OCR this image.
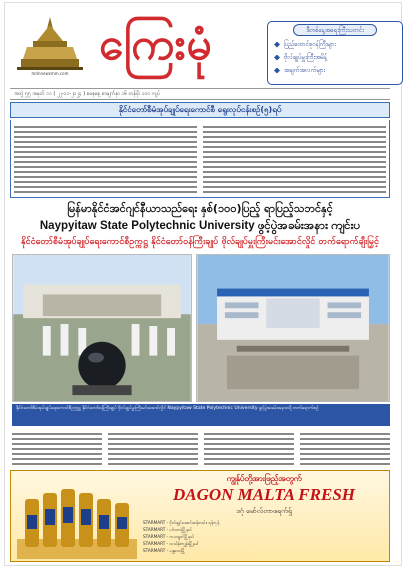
mdnnewsmm.com
ကြေးမုံ	ဒီတစ်နေ့အရေးကြီးသတင်း
ပြည်ထောင်စုဝန်ကြီးများ
ဗိုလ်ချုပ်မှူးကြီးအမိန့်
အချက်အလက်များ
အတွဲ ၅၅ အမှတ် ၁၁ ( ၂၂-၁၁-၂၀၂၄ ) စနေနေ့ စာမျက်နှာ ၁၆ တန်ဖိုး ၁၀၀ ကျပ်
နိုင်ငံတော်စီမံအုပ်ချုပ်ရေးကောင်စီ ရွေးလုပ်ငန်းစဉ်(၅)ရပ်
မြန်မာနိုင်ငံအင်ဂျင်နီယာသည်ရေး နှစ်(၁၀၀)ပြည့် ရာပြည့်သဘင်နှင့်
Naypyitaw State Polytechnic University ဖွင့်ပွဲအခမ်းအနား ကျင်းပ
နိုင်ငံတော်စီမံအုပ်ချုပ်ရေးကောင်စီဥက္ကဋ္ဌ နိုင်ငံတော်ဝန်ကြီးချုပ် ဗိုလ်ချုပ်မှူးကြီးမင်းအောင်လှိုင် တက်ရောက်ချီးမြှင့်
နိုင်ငံတော်စီမံအုပ်ချုပ်ရေးကောင်စီဥက္ကဋ္ဌ နိုင်ငံတော်ဝန်ကြီးချုပ် ဗိုလ်ချုပ်မှူးကြီးမင်းအောင်လှိုင် Naypyitaw State Polytechnic University ဖွင့်ပွဲအခမ်းအနားသို့ တက်ရောက်စဉ်
ကျွန်ုပ်တို့အားဖြည့်အတွက်
DAGON MALTA FRESH
ဒဂုံ မော်လ်တာဖရက်ရှ်
STARMART - ဗိုလ်ချုပ်အောင်ဆန်းလမ်း၊ ရန်ကုန်
STARMART - မင်္ဂလာဒုံမြို့နယ်
STARMART - ကမာရွတ်မြို့နယ်
STARMART - သင်္ဃန်းကျွန်းမြို့နယ်
STARMART - မန္တလေးမြို့
